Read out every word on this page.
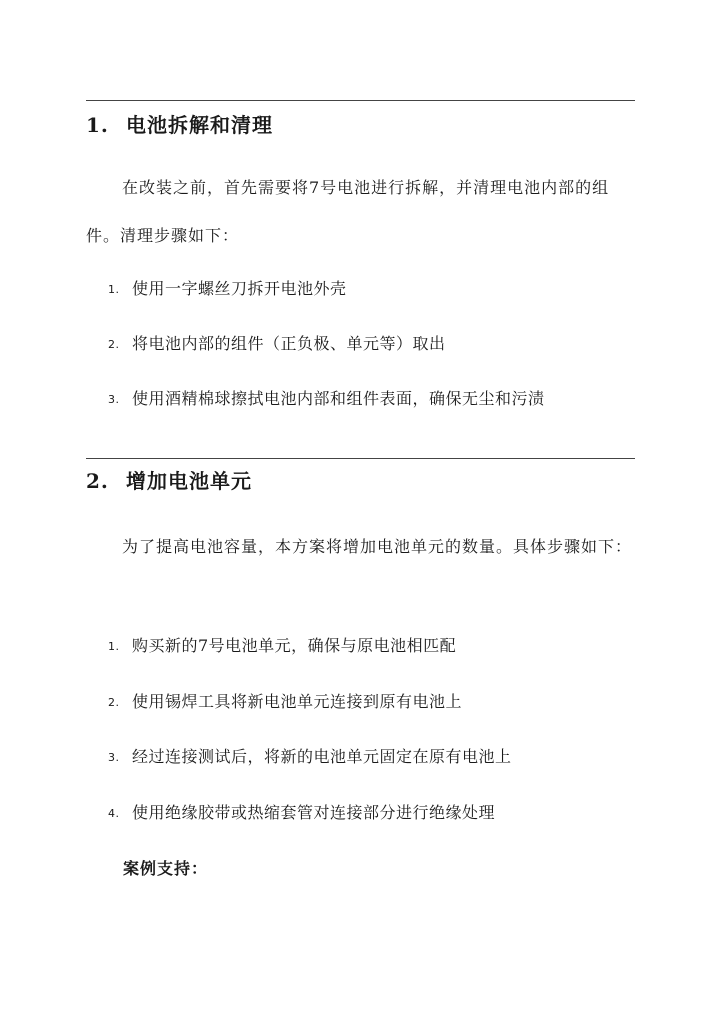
1. 电池拆解和清理
在改装之前，首先需要将7号电池进行拆解，并清理电池内部的组件。清理步骤如下：
1. 使用一字螺丝刀拆开电池外壳
2. 将电池内部的组件（正负极、单元等）取出
3. 使用酒精棉球擦拭电池内部和组件表面，确保无尘和污渍
2. 增加电池单元
为了提高电池容量，本方案将增加电池单元的数量。具体步骤如下：
1. 购买新的7号电池单元，确保与原电池相匹配
2. 使用锡焊工具将新电池单元连接到原有电池上
3. 经过连接测试后，将新的电池单元固定在原有电池上
4. 使用绝缘胶带或热缩套管对连接部分进行绝缘处理
案例支持：
